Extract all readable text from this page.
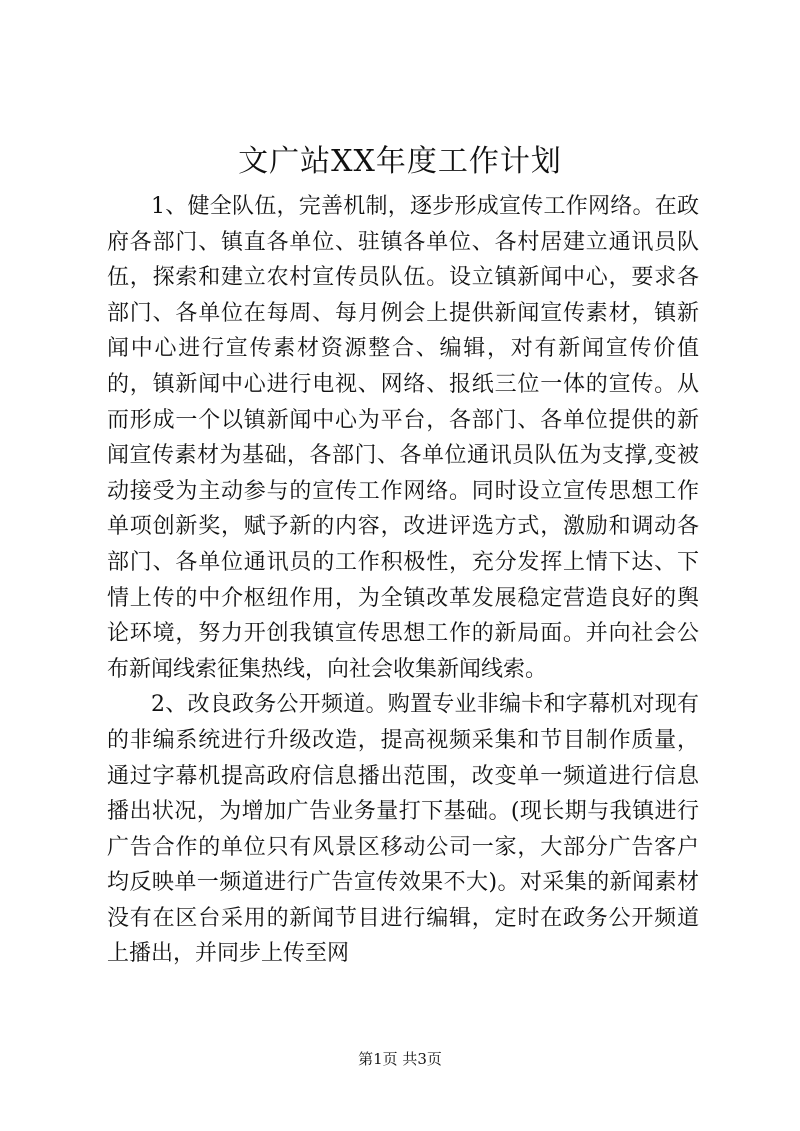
文广站XX年度工作计划

1、健全队伍，完善机制，逐步形成宣传工作网络。在政府各部门、镇直各单位、驻镇各单位、各村居建立通讯员队伍，探索和建立农村宣传员队伍。设立镇新闻中心，要求各部门、各单位在每周、每月例会上提供新闻宣传素材，镇新闻中心进行宣传素材资源整合、编辑，对有新闻宣传价值的，镇新闻中心进行电视、网络、报纸三位一体的宣传。从而形成一个以镇新闻中心为平台，各部门、各单位提供的新闻宣传素材为基础，各部门、各单位通讯员队伍为支撑,变被动接受为主动参与的宣传工作网络。同时设立宣传思想工作单项创新奖，赋予新的内容，改进评选方式，激励和调动各部门、各单位通讯员的工作积极性，充分发挥上情下达、下情上传的中介枢纽作用，为全镇改革发展稳定营造良好的舆论环境，努力开创我镇宣传思想工作的新局面。并向社会公布新闻线索征集热线，向社会收集新闻线索。

2、改良政务公开频道。购置专业非编卡和字幕机对现有的非编系统进行升级改造，提高视频采集和节目制作质量，通过字幕机提高政府信息播出范围，改变单一频道进行信息播出状况，为增加广告业务量打下基础。(现长期与我镇进行广告合作的单位只有风景区移动公司一家，大部分广告客户均反映单一频道进行广告宣传效果不大)。对采集的新闻素材没有在区台采用的新闻节目进行编辑，定时在政务公开频道上播出，并同步上传至网

第1页 共3页
